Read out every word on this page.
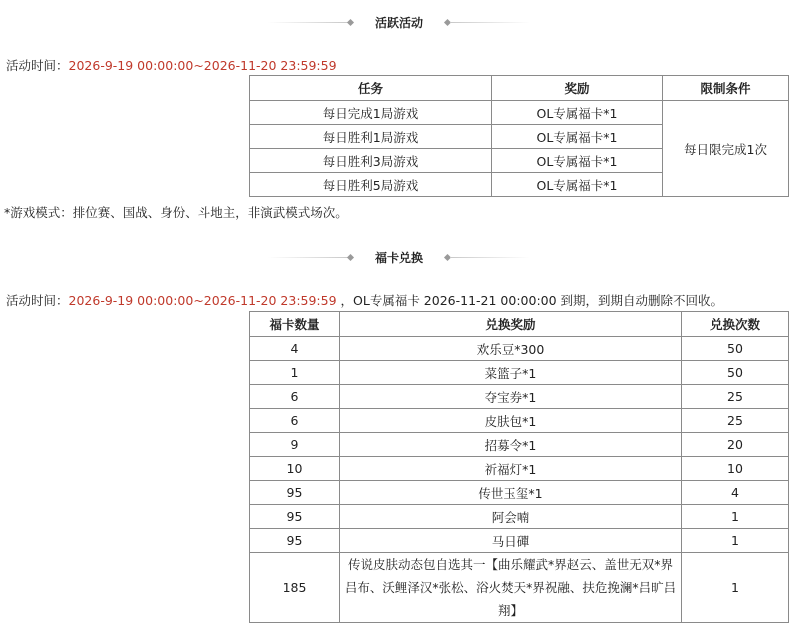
活跃活动
活动时间：2026-9-19 00:00:00~2026-11-20 23:59:59
任务	奖励	限制条件
每日完成1局游戏	OL专属福卡*1	每日限完成1次
每日胜利1局游戏	OL专属福卡*1	
每日胜利3局游戏	OL专属福卡*1	
每日胜利5局游戏	OL专属福卡*1	
*游戏模式：排位赛、国战、身份、斗地主，非演武模式场次。
福卡兑换
活动时间：2026-9-19 00:00:00~2026-11-20 23:59:59 ，OL专属福卡 2026-11-21 00:00:00 到期，到期自动删除不回收。
福卡数量	兑换奖励	兑换次数
4	欢乐豆*300	50
1	菜篮子*1	50
6	夺宝券*1	25
6	皮肤包*1	25
9	招募令*1	20
10	祈福灯*1	10
95	传世玉玺*1	4
95	阿会喃	1
95	马日磾	1
185	传说皮肤动态包自选其一【曲乐耀武*界赵云、盖世无双*界吕布、沃鲤泽汉*张松、浴火焚天*界祝融、扶危挽澜*吕旷吕翔】	1
